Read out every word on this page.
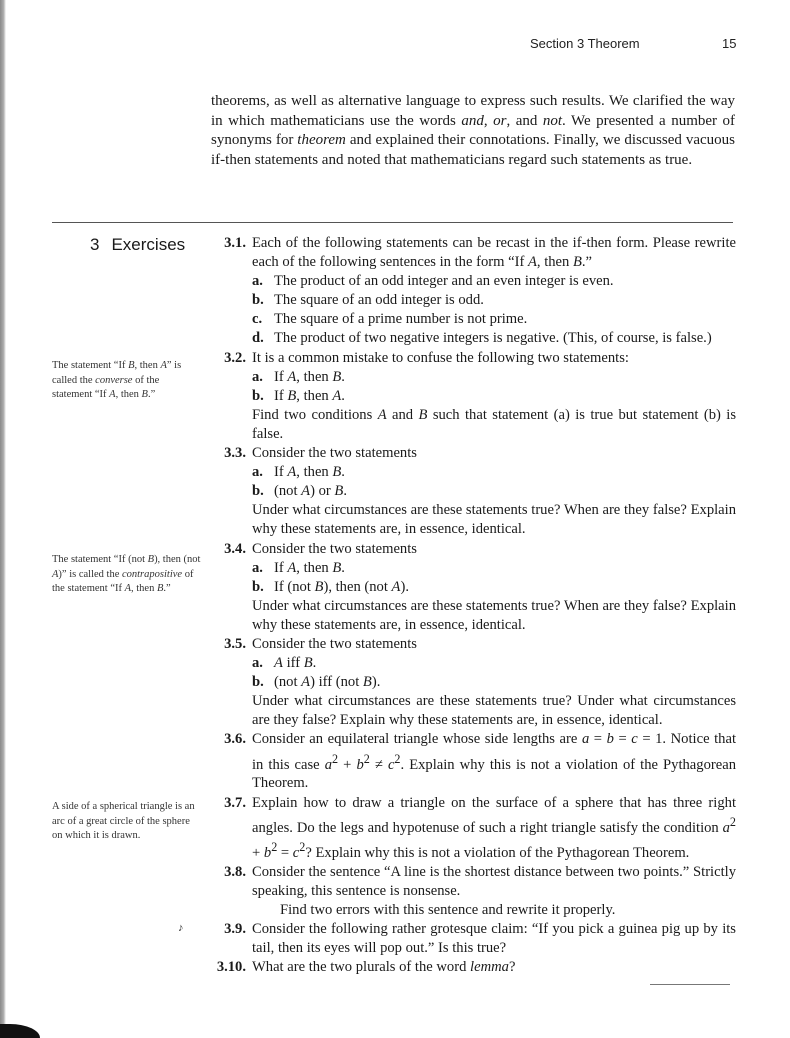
Section 3 Theorem	15
theorems, as well as alternative language to express such results. We clarified the way in which mathematicians use the words and, or, and not. We presented a number of synonyms for theorem and explained their connotations. Finally, we discussed vacuous if-then statements and noted that mathematicians regard such statements as true.
3 Exercises
The statement “If B, then A” is called the converse of the statement “If A, then B.”
The statement “If (not B), then (not A)” is called the contrapositive of the statement “If A, then B.”
A side of a spherical triangle is an arc of a great circle of the sphere on which it is drawn.
♪
3.1. Each of the following statements can be recast in the if-then form. Please rewrite each of the following sentences in the form “If A, then B.”
a. The product of an odd integer and an even integer is even.
b. The square of an odd integer is odd.
c. The square of a prime number is not prime.
d. The product of two negative integers is negative. (This, of course, is false.)
3.2. It is a common mistake to confuse the following two statements:
a. If A, then B.
b. If B, then A.
Find two conditions A and B such that statement (a) is true but statement (b) is false.
3.3. Consider the two statements
a. If A, then B.
b. (not A) or B.
Under what circumstances are these statements true? When are they false? Explain why these statements are, in essence, identical.
3.4. Consider the two statements
a. If A, then B.
b. If (not B), then (not A).
Under what circumstances are these statements true? When are they false? Explain why these statements are, in essence, identical.
3.5. Consider the two statements
a. A iff B.
b. (not A) iff (not B).
Under what circumstances are these statements true? Under what circumstances are they false? Explain why these statements are, in essence, identical.
3.6. Consider an equilateral triangle whose side lengths are a = b = c = 1. Notice that in this case $a^2 + b^2 \ne c^2$. Explain why this is not a violation of the Pythagorean Theorem.
3.7. Explain how to draw a triangle on the surface of a sphere that has three right angles. Do the legs and hypotenuse of such a right triangle satisfy the condition $a^2 + b^2 = c^2$? Explain why this is not a violation of the Pythagorean Theorem.
3.8. Consider the sentence “A line is the shortest distance between two points.” Strictly speaking, this sentence is nonsense.
Find two errors with this sentence and rewrite it properly.
3.9. Consider the following rather grotesque claim: “If you pick a guinea pig up by its tail, then its eyes will pop out.” Is this true?
3.10. What are the two plurals of the word lemma?
